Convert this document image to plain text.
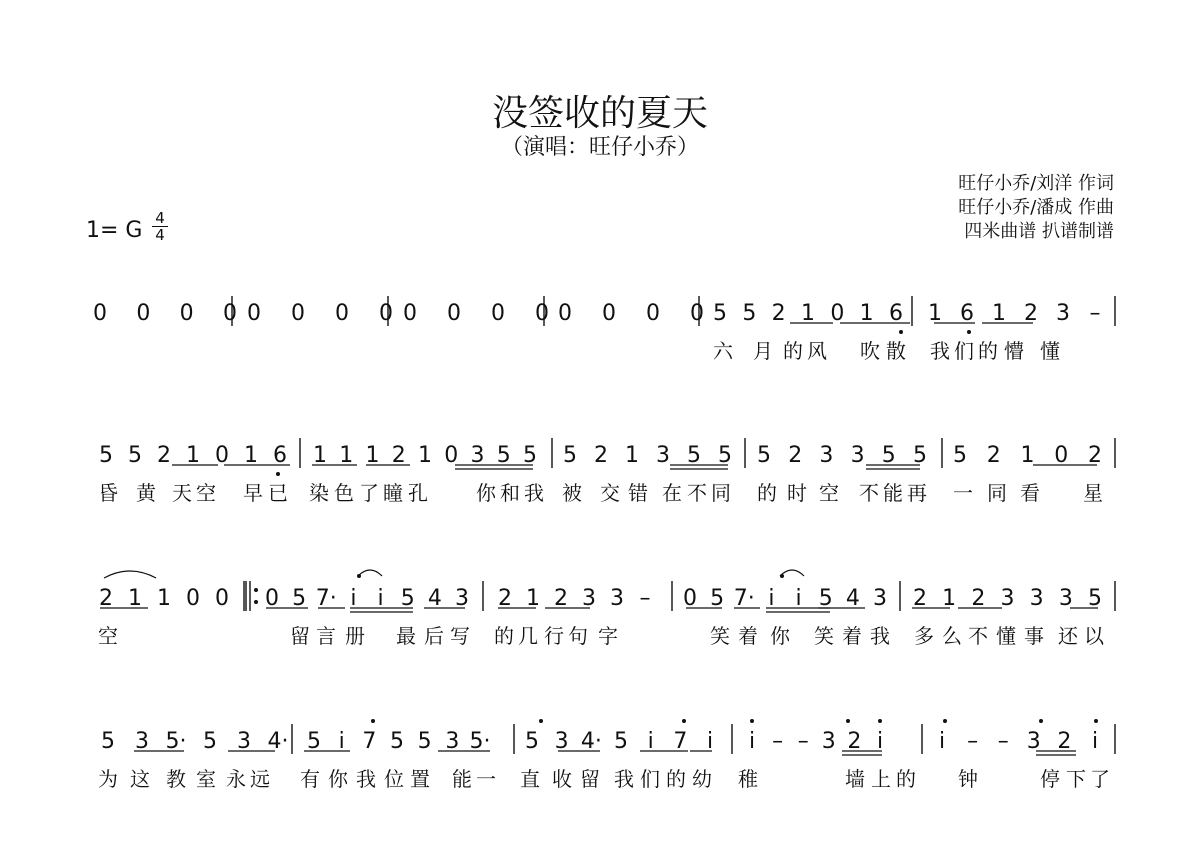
没签收的夏天
（演唱：旺仔小乔）
旺仔小乔/刘洋 作词
旺仔小乔/潘成 作曲
四米曲谱 扒谱制谱
1= G 4
4
0 0 0 0 0 0 0 0 0 0 0 0 0 0 0 0 5 5 2 1 0 1 6 1 6 1 2 3 –
六 月 的 风 吹 散 我 们 的 懵 懂
5 5 2 1 0 1 6 1 1 1 2 1 0 3 5 5 5 2 1 3 5 5 5 2 3 3 5 5 5 2 1 0 2
昏 黄 天 空 早 已 染 色 了 瞳 孔 你 和 我 被 交 错 在 不 同 的 时 空 不 能 再 一 同 看 星
2 1 1 0 0 0 5 7· i i 5 4 3 2 1 2 3 3 – 0 5 7· i i 5 4 3 2 1 2 3 3 3 5
空	留 言 册 最 后 写 的 几 行 句 字	笑 着 你 笑 着 我 多 么 不 懂 事 还 以
5 3 5· 5 3 4· 5 i 7 5 5 3 5· 5 3 4· 5 i 7 i i – – 3 2 i	i – – 3 2 i
为 这 教 室 永 远 有 你 我 位 置 能 一 直 收 留 我 们 的 幼 稚	墙 上 的 钟	停 下 了
